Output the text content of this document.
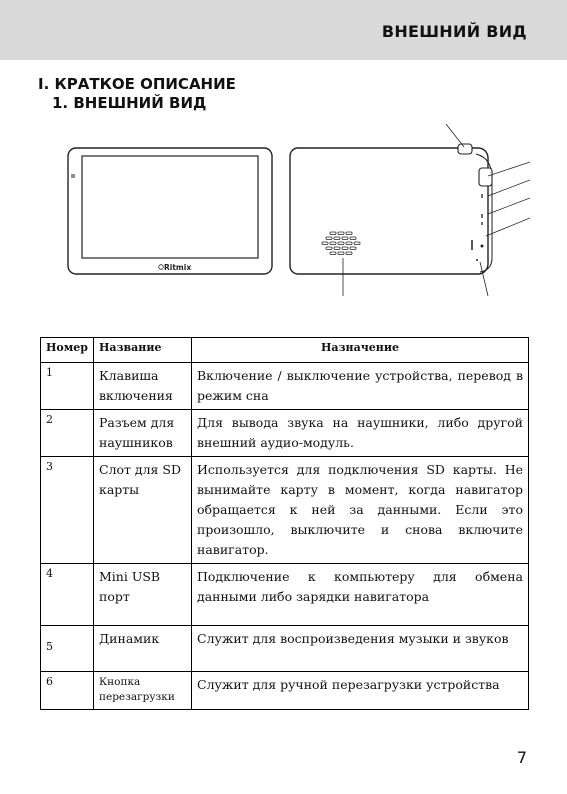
ВНЕШНИЙ ВИД
I. КРАТКОЕ ОПИСАНИЕ
1. ВНЕШНИЙ ВИД
Ritmix
Номер	Название	Назначение
1	Клавиша включения	Включение / выключение устройства, перевод в режим сна
2	Разъем для наушников	Для вывода звука на наушники, либо другой внешний аудио-модуль.
3	Слот для SD карты	Используется для подключения SD карты. Не вынимайте карту в момент, когда навигатор обращается к ней за данными. Если это произошло, выключите и снова включите навигатор.
4	Mini USB порт	Подключение к компьютеру для обмена данными либо зарядки навигатора
5	Динамик	Служит для воспроизведения музыки и звуков
6	Кнопка перезагрузки	Служит для ручной перезагрузки устройства
7
